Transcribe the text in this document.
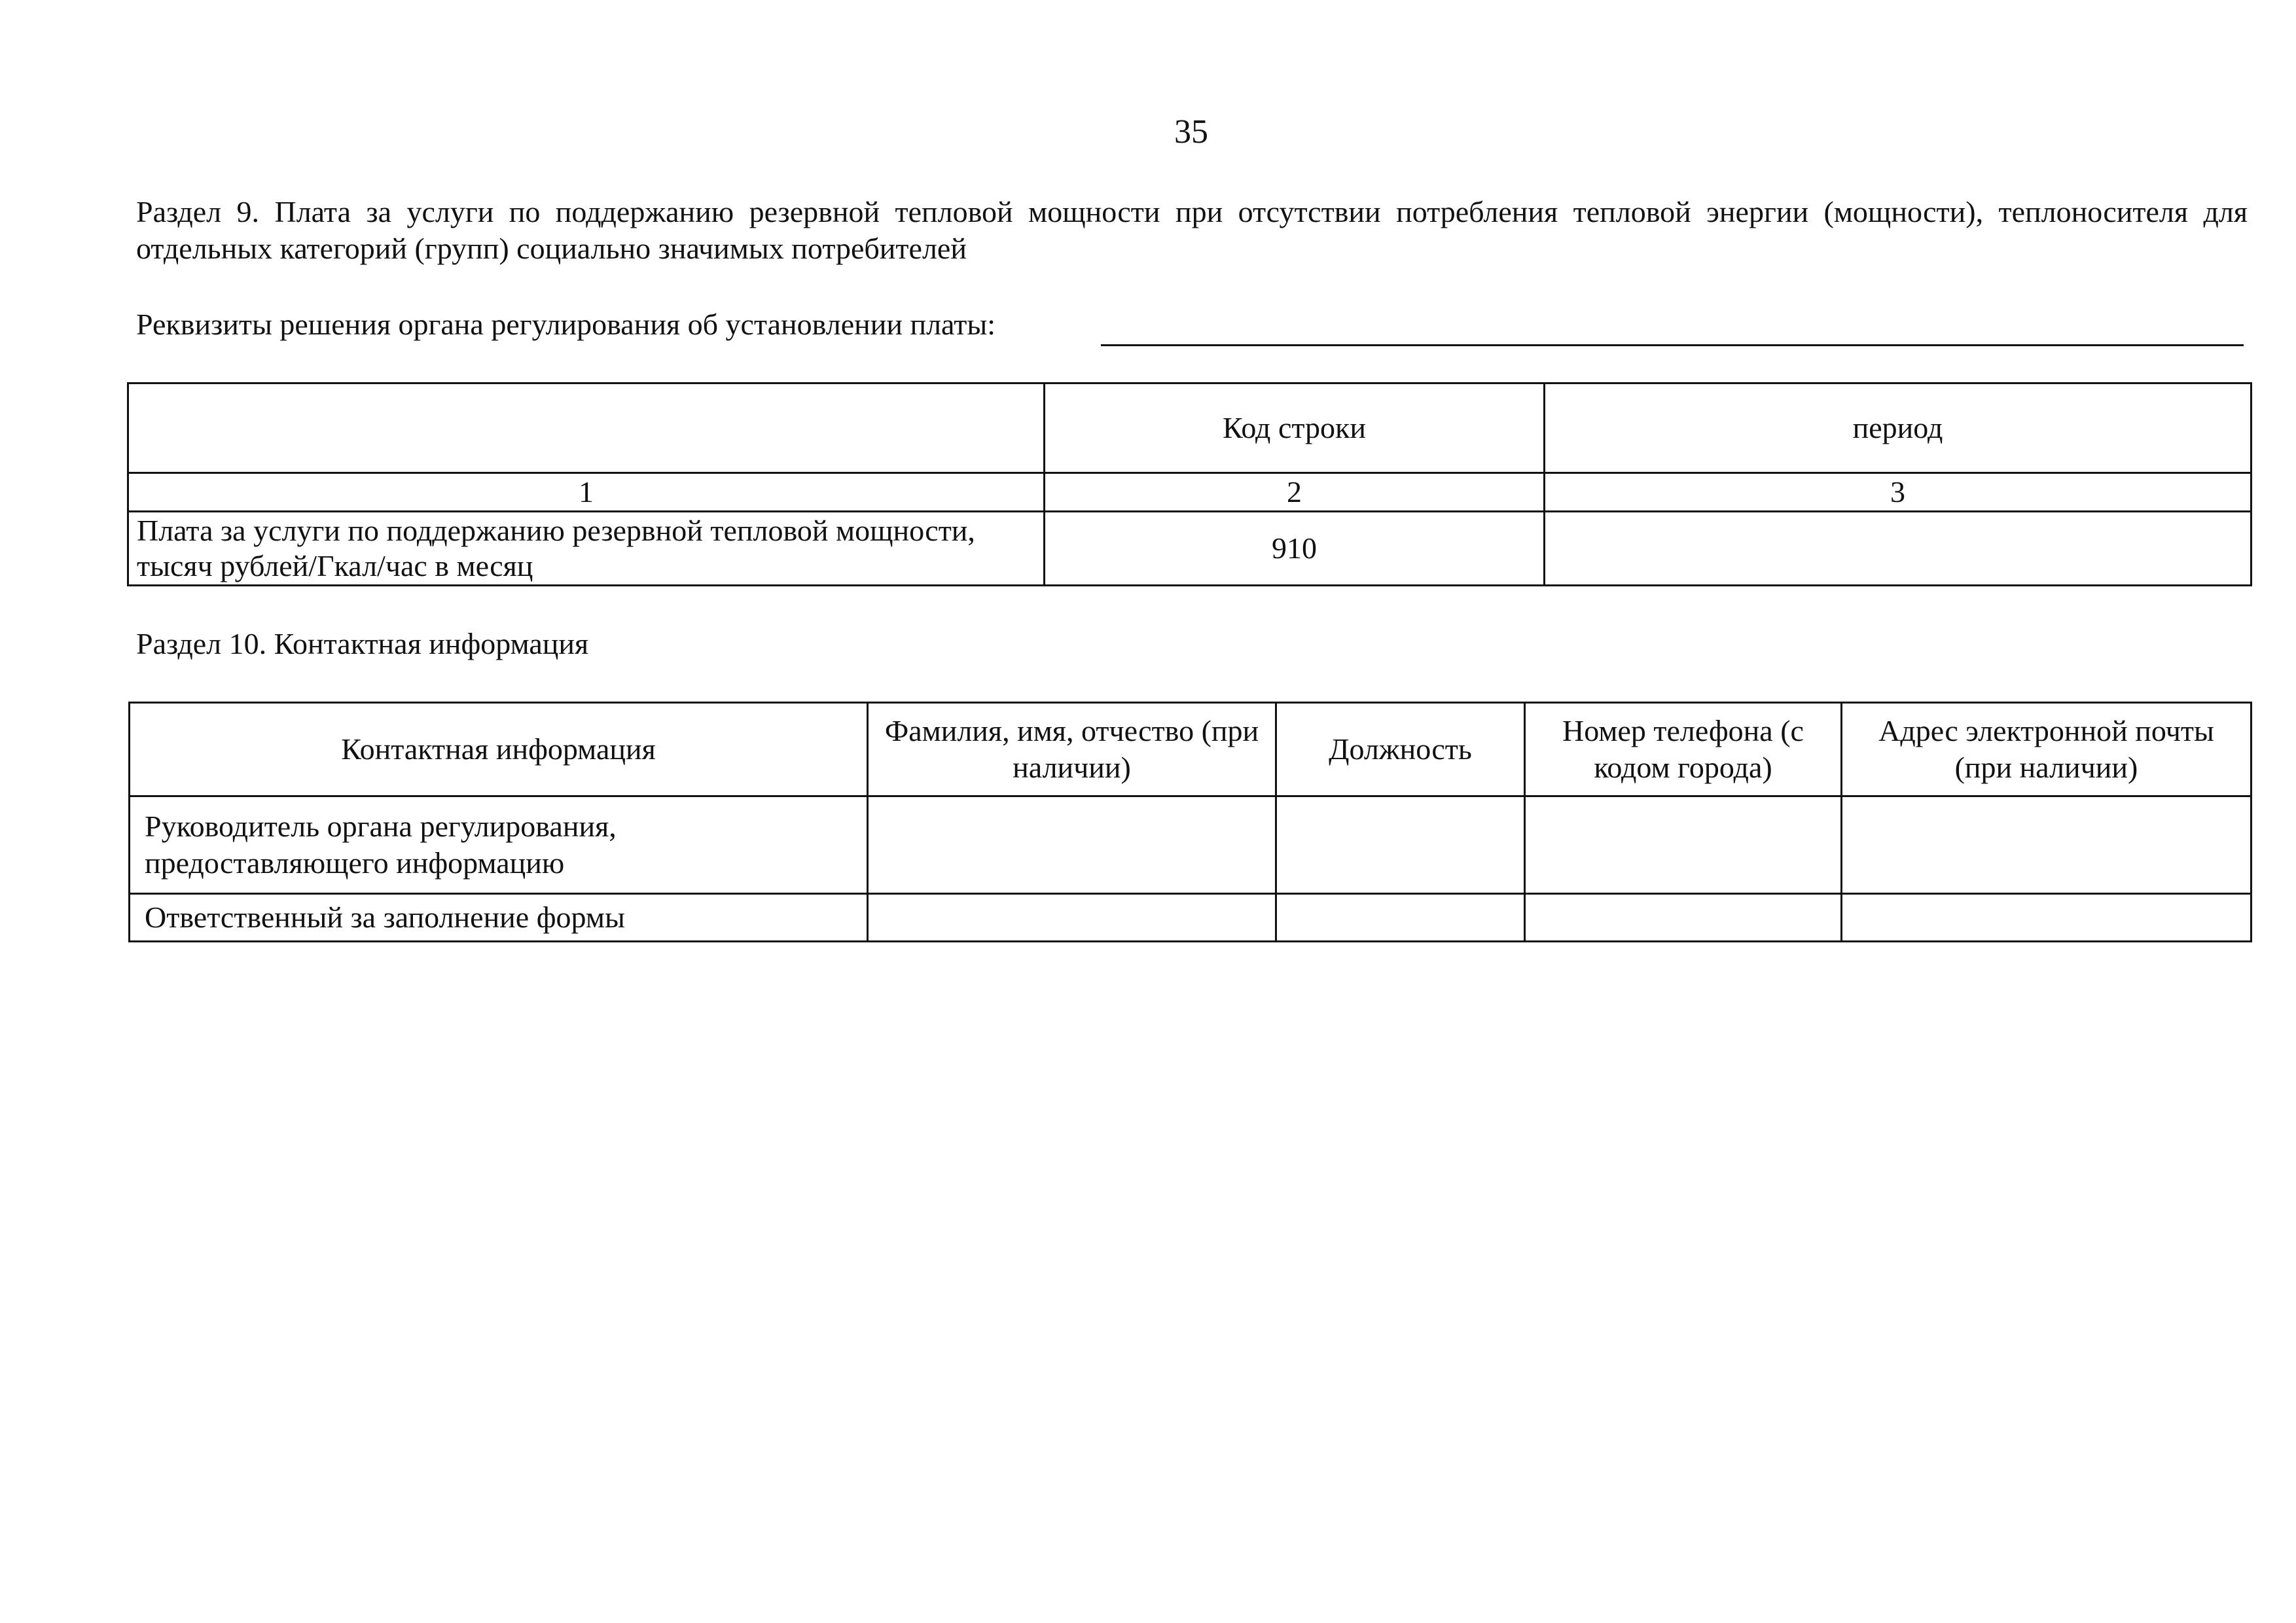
35
Раздел 9. Плата за услуги по поддержанию резервной тепловой мощности при отсутствии потребления тепловой энергии (мощности), теплоносителя для отдельных категорий (групп) социально значимых потребителей
Реквизиты решения органа регулирования об установлении платы:
	Код строки	период
1	2	3
Плата за услуги по поддержанию резервной тепловой мощности, тысяч рублей/Гкал/час в месяц	910	
Раздел 10. Контактная информация
Контактная информация	Фамилия, имя, отчество (при наличии)	Должность	Номер телефона (с кодом города)	Адрес электронной почты (при наличии)
Руководитель органа регулирования, предоставляющего информацию				
Ответственный за заполнение формы				
